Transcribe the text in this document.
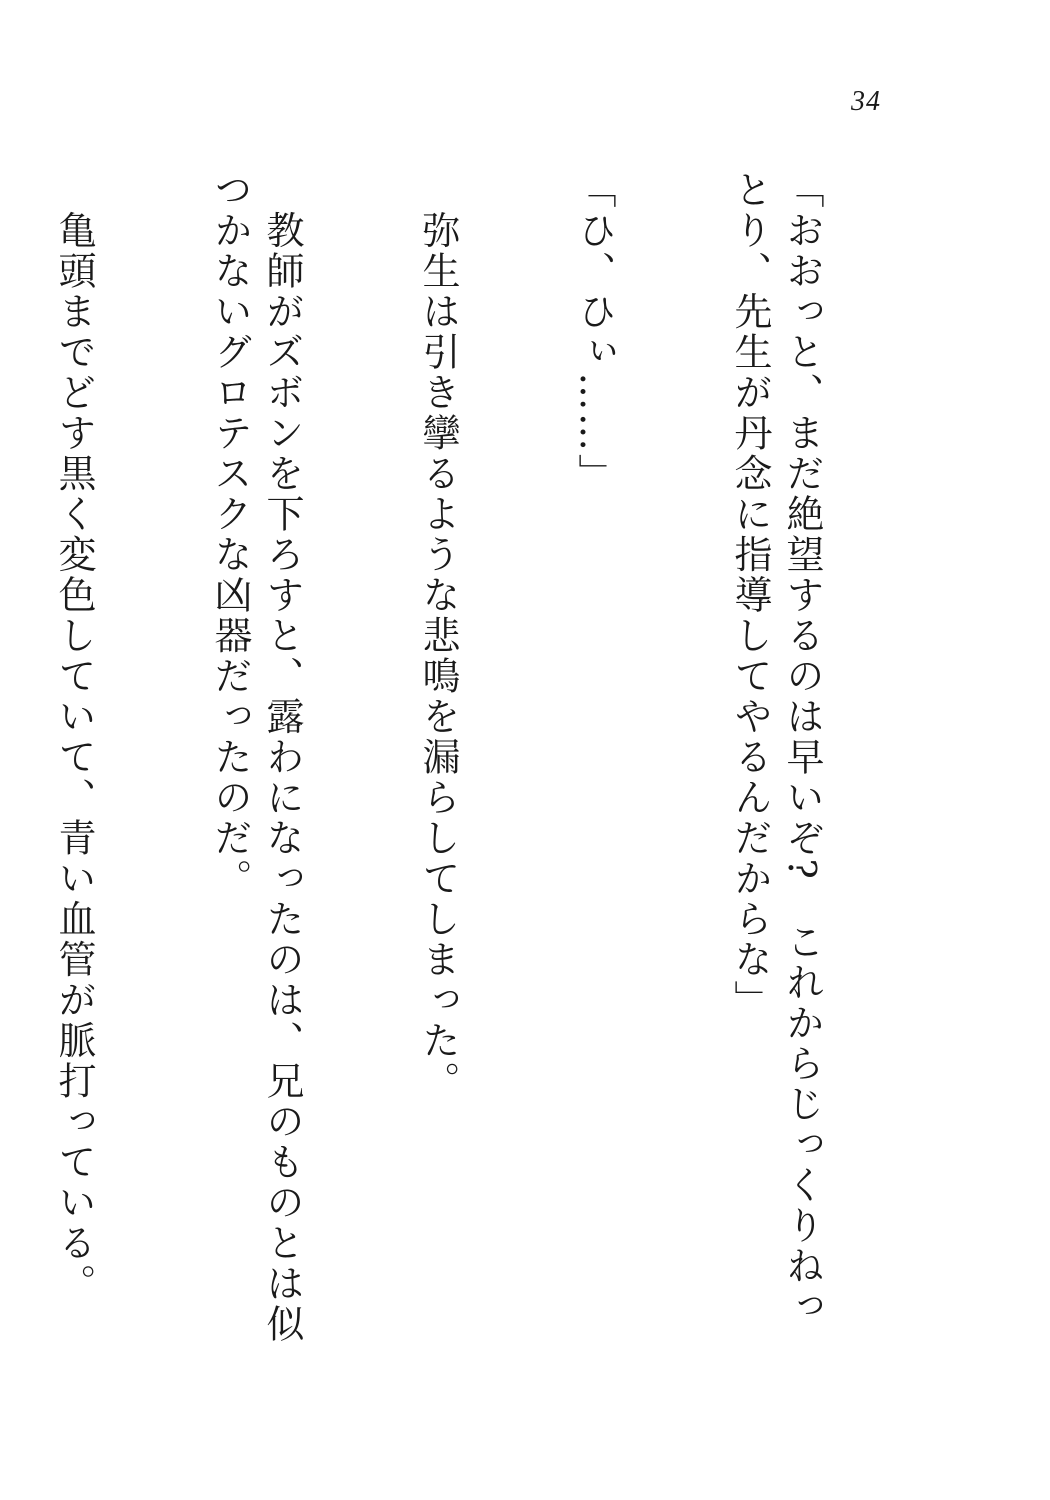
34

「おおっと、まだ絶望するのは早いぞ?　これからじっくりねっとり、先生が丹念に指導してやるんだからな」

「ひ、ひぃ……」

　弥生は引き攣るような悲鳴を漏らしてしまった。

　教師がズボンを下ろすと、露わになったのは、兄のものとは似つかないグロテスクな凶器だったのだ。

　亀頭までどす黒く変色していて、青い血管が脈打っている。
